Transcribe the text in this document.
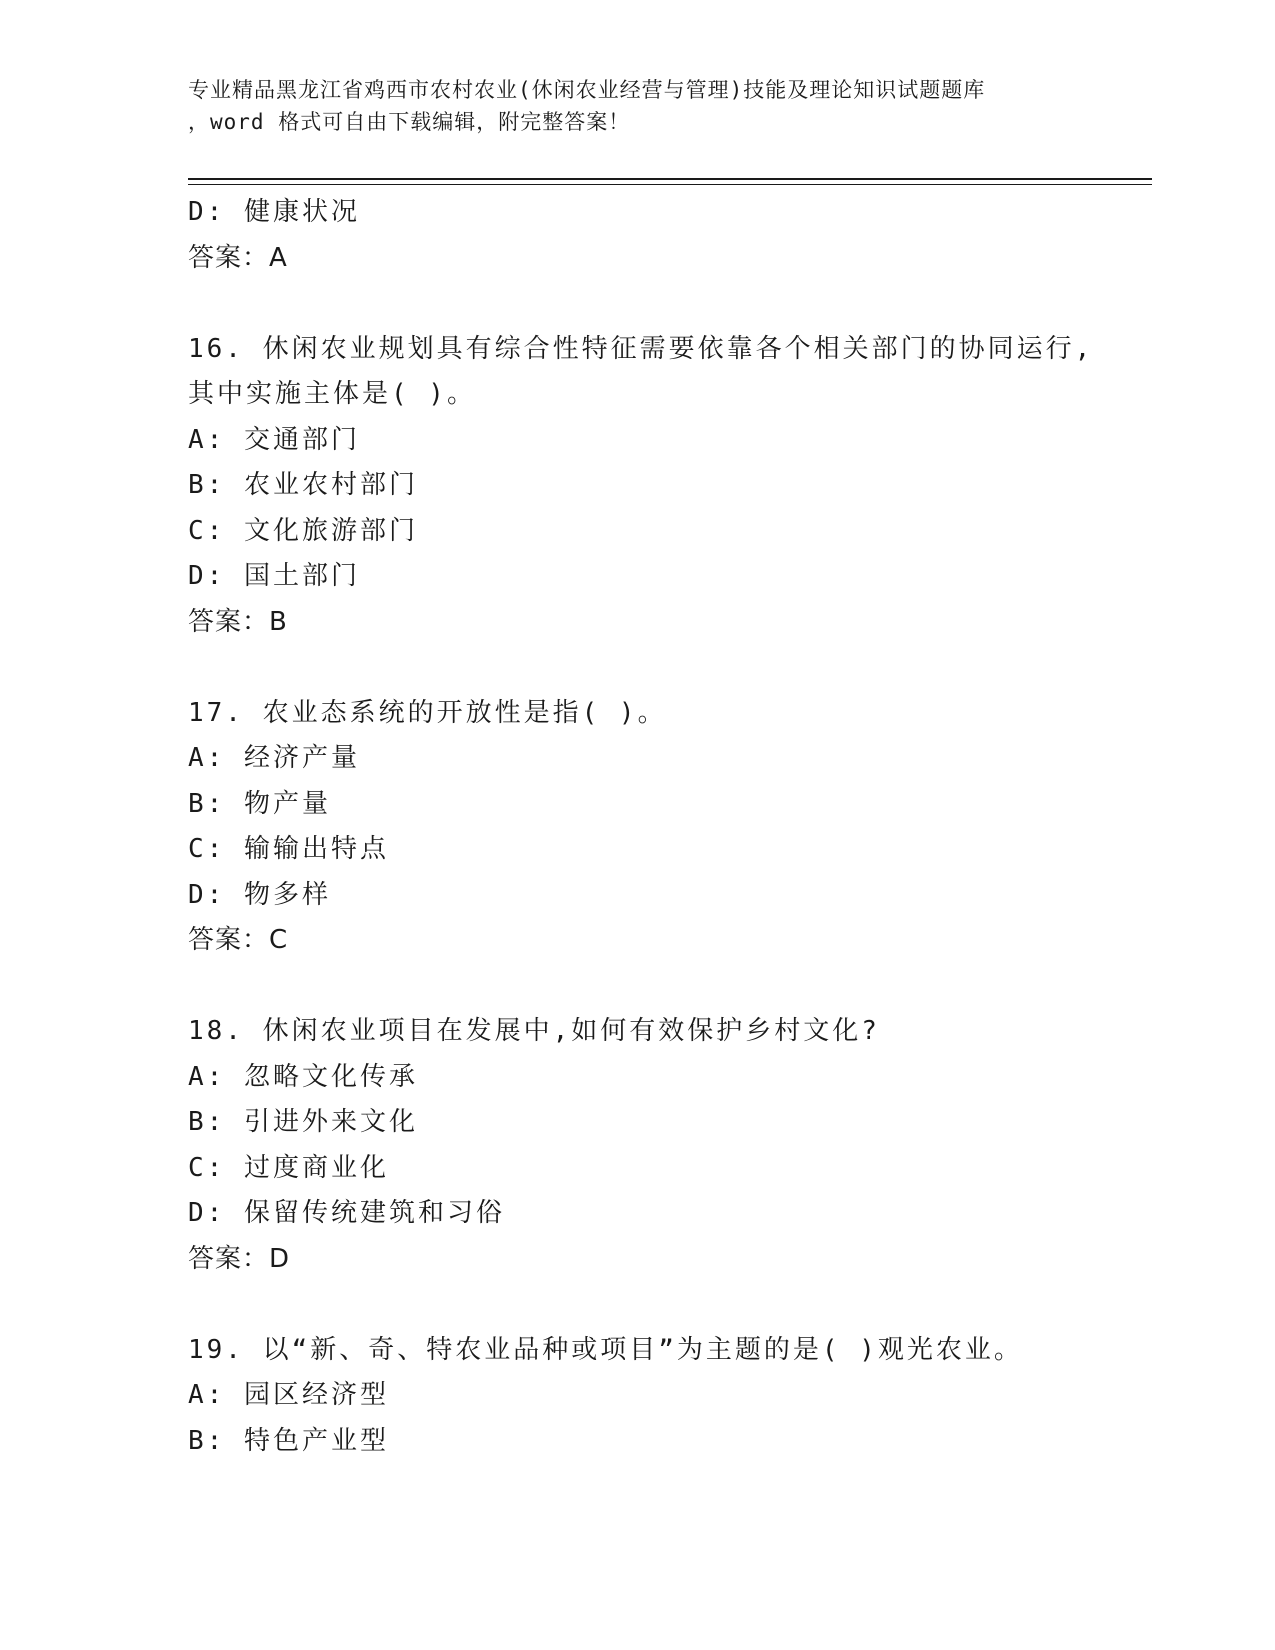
专业精品黑龙江省鸡西市农村农业(休闲农业经营与管理)技能及理论知识试题题库
，word 格式可自由下载编辑，附完整答案！
D: 健康状况
答案：A
16. 休闲农业规划具有综合性特征需要依靠各个相关部门的协同运行,
其中实施主体是( )。
A: 交通部门
B: 农业农村部门
C: 文化旅游部门
D: 国土部门
答案：B
17. 农业态系统的开放性是指( )。
A: 经济产量
B: 物产量
C: 输输出特点
D: 物多样
答案：C
18. 休闲农业项目在发展中,如何有效保护乡村文化?
A: 忽略文化传承
B: 引进外来文化
C: 过度商业化
D: 保留传统建筑和习俗
答案：D
19. 以“新、奇、特农业品种或项目”为主题的是( )观光农业。
A: 园区经济型
B: 特色产业型
